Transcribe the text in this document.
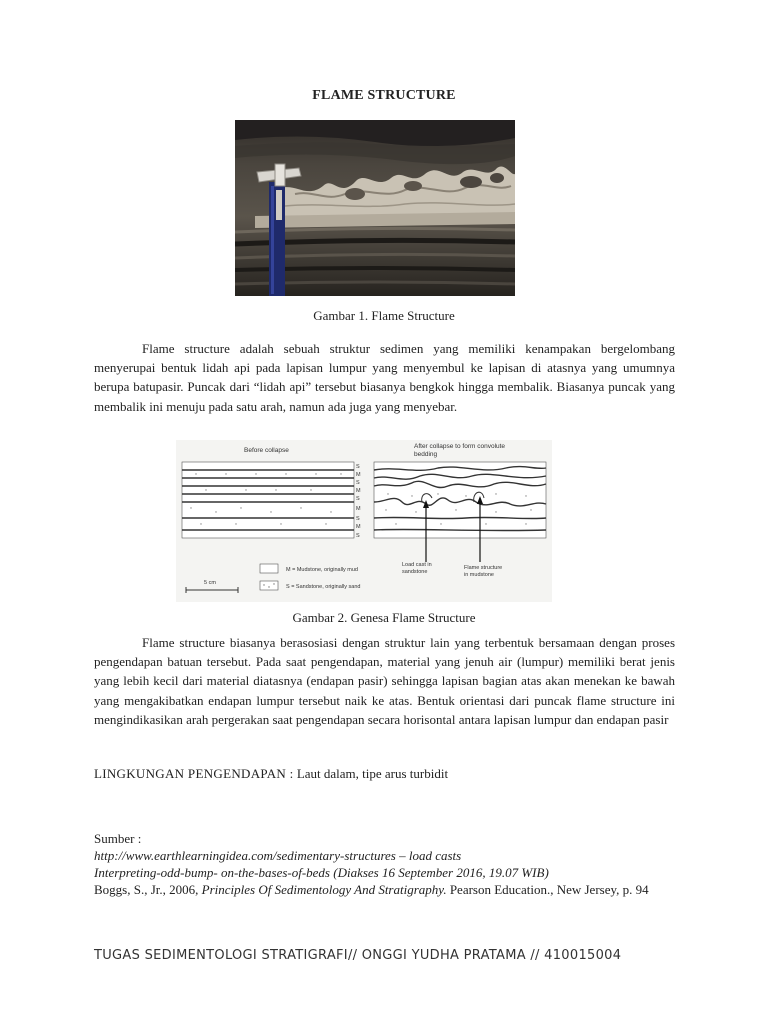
FLAME STRUCTURE
Gambar 1. Flame Structure
Flame structure adalah sebuah struktur sedimen yang memiliki kenampakan bergelombang menyerupai bentuk lidah api pada lapisan lumpur yang menyembul ke lapisan di atasnya yang umumnya berupa batupasir. Puncak dari “lidah api” tersebut biasanya bengkok hingga membalik. Biasanya puncak yang membalik ini menuju pada satu arah, namun ada juga yang menyebar.
Before collapse
After collapse to form convolute
bedding
S
M
S
M
S
M
S
M
S
Load cast in
sandstone
Flame structure
in mudstone
M = Mudstone, originally mud
S = Sandstone, originally sand
5 cm
Gambar 2. Genesa Flame Structure
Flame structure biasanya berasosiasi dengan struktur lain yang terbentuk bersamaan dengan proses pengendapan batuan tersebut. Pada saat pengendapan, material yang jenuh air (lumpur) memiliki berat jenis yang lebih kecil dari material diatasnya (endapan pasir) sehingga lapisan bagian atas akan menekan ke bawah yang mengakibatkan endapan lumpur tersebut naik ke atas. Bentuk orientasi dari puncak flame structure ini mengindikasikan arah pergerakan saat pengendapan secara horisontal antara lapisan lumpur dan endapan pasir
LINGKUNGAN PENGENDAPAN : Laut dalam, tipe arus turbidit
Sumber :
http://www.earthlearningidea.com/sedimentary-structures – load casts
Interpreting-odd-bump- on-the-bases-of-beds (Diakses 16 September 2016, 19.07 WIB)
Boggs, S., Jr., 2006, Principles Of Sedimentology And Stratigraphy. Pearson Education., New Jersey, p. 94
TUGAS SEDIMENTOLOGI STRATIGRAFI// ONGGI YUDHA PRATAMA // 410015004
